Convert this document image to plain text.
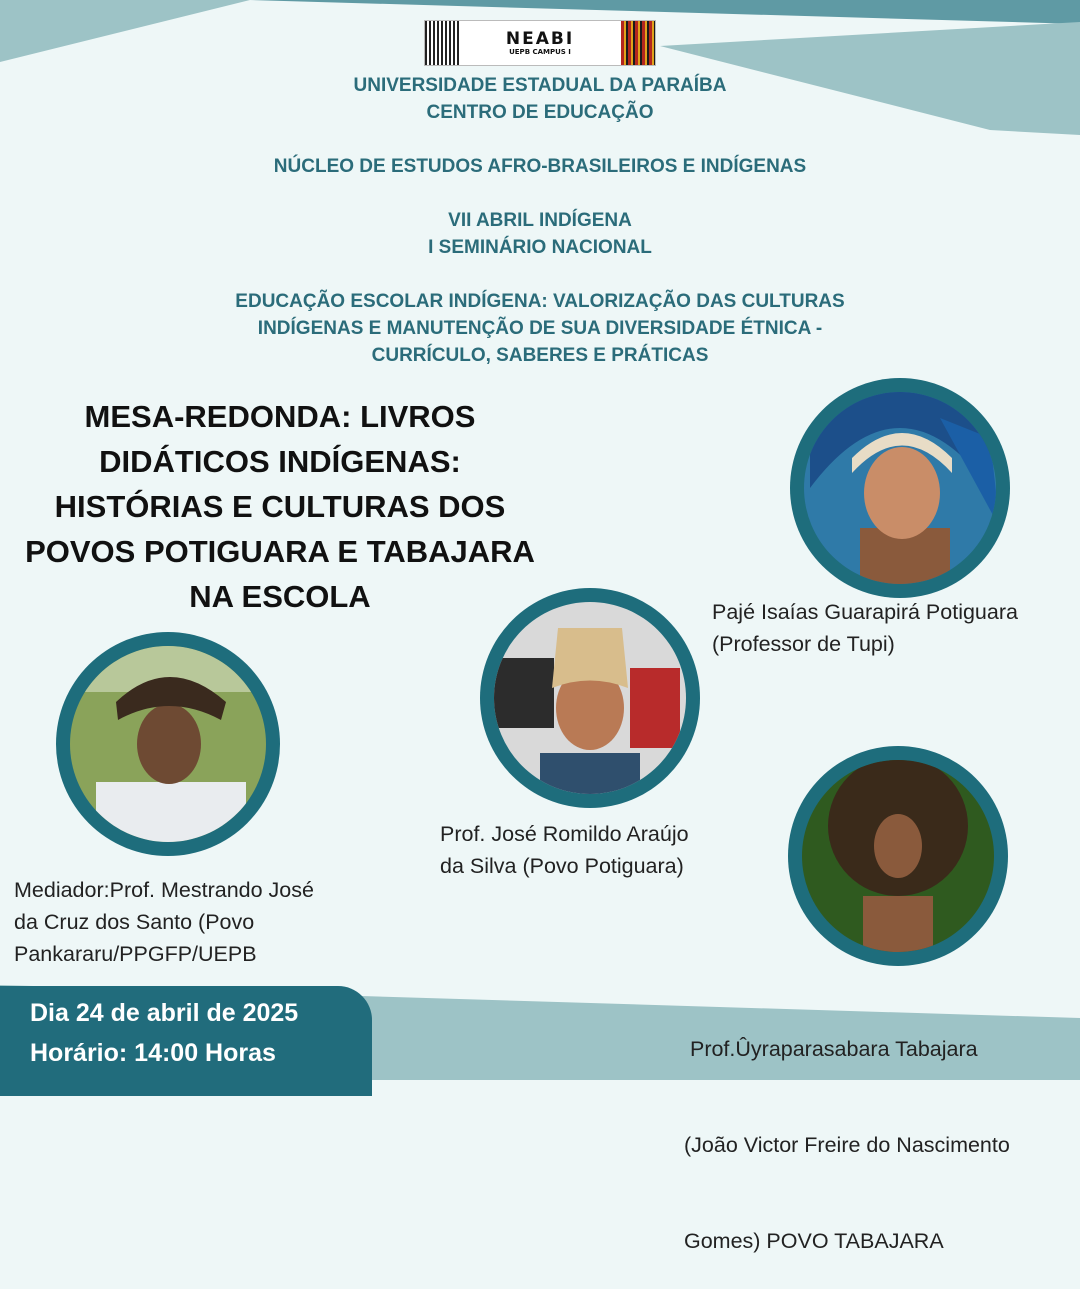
NEABI
UEPB CAMPUS I
UNIVERSIDADE ESTADUAL DA PARAÍBA
CENTRO DE EDUCAÇÃO
NÚCLEO DE ESTUDOS AFRO-BRASILEIROS E INDÍGENAS
VII ABRIL INDÍGENA
I SEMINÁRIO NACIONAL
EDUCAÇÃO ESCOLAR INDÍGENA: VALORIZAÇÃO DAS CULTURAS
INDÍGENAS E MANUTENÇÃO DE SUA DIVERSIDADE ÉTNICA -
CURRÍCULO, SABERES E PRÁTICAS
MESA-REDONDA: LIVROS
DIDÁTICOS INDÍGENAS:
HISTÓRIAS E CULTURAS DOS
POVOS POTIGUARA E TABAJARA
NA ESCOLA	Pajé Isaías Guarapirá Potiguara
(Professor de Tupi)
Prof. José Romildo Araújo
da Silva (Povo Potiguara)
Mediador:Prof. Mestrando José
da Cruz dos Santo (Povo
Pankararu/PPGFP/UEPB

Prof.Ûyraparasabara Tabajara

(João Victor Freire do Nascimento

Gomes) POVO TABAJARA

Dia 24 de abril de 2025
Horário: 14:00 Horas
